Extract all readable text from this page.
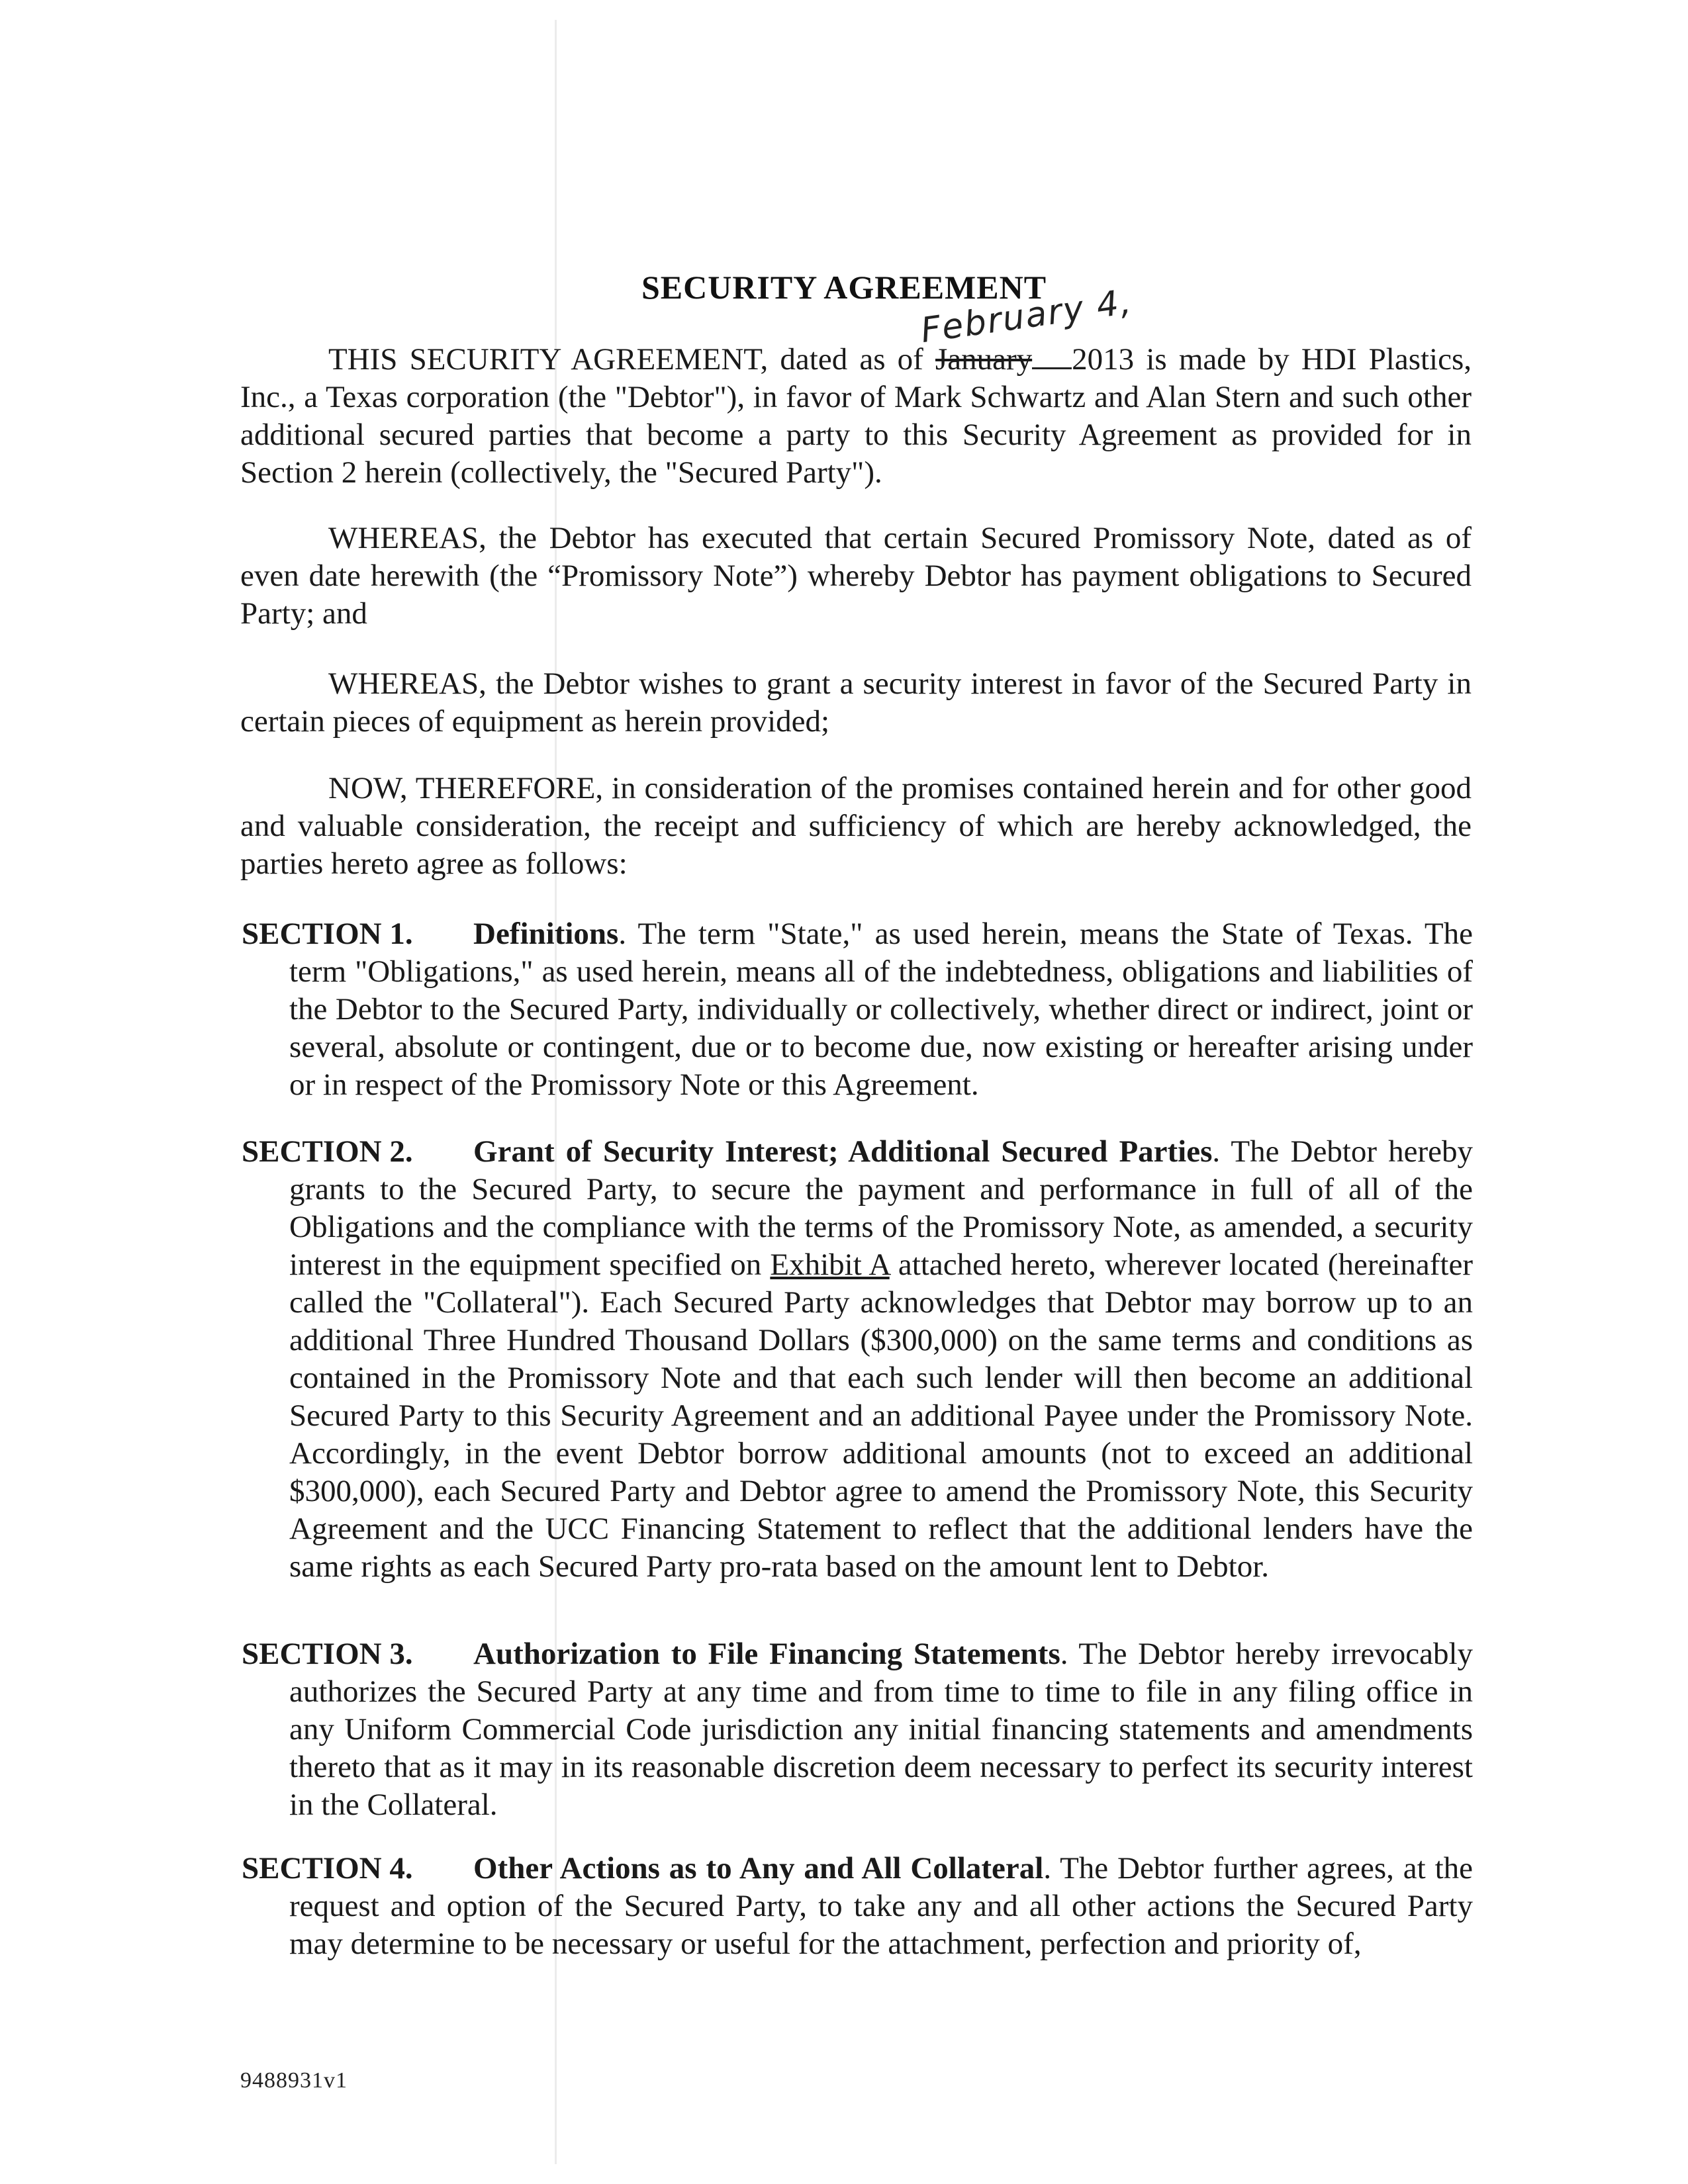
SECURITY AGREEMENT
February 4,
THIS SECURITY AGREEMENT, dated as of January 2013 is made by HDI Plastics, Inc., a Texas corporation (the "Debtor"), in favor of Mark Schwartz and Alan Stern and such other additional secured parties that become a party to this Security Agreement as provided for in Section 2 herein (collectively, the "Secured Party").
WHEREAS, the Debtor has executed that certain Secured Promissory Note, dated as of even date herewith (the “Promissory Note”) whereby Debtor has payment obligations to Secured Party; and
WHEREAS, the Debtor wishes to grant a security interest in favor of the Secured Party in certain pieces of equipment as herein provided;
NOW, THEREFORE, in consideration of the promises contained herein and for other good and valuable consideration, the receipt and sufficiency of which are hereby acknowledged, the parties hereto agree as follows:
SECTION 1. Definitions. The term "State," as used herein, means the State of Texas. The term "Obligations," as used herein, means all of the indebtedness, obligations and liabilities of the Debtor to the Secured Party, individually or collectively, whether direct or indirect, joint or several, absolute or contingent, due or to become due, now existing or hereafter arising under or in respect of the Promissory Note or this Agreement.
SECTION 2. Grant of Security Interest; Additional Secured Parties. The Debtor hereby grants to the Secured Party, to secure the payment and performance in full of all of the Obligations and the compliance with the terms of the Promissory Note, as amended, a security interest in the equipment specified on Exhibit A attached hereto, wherever located (hereinafter called the "Collateral"). Each Secured Party acknowledges that Debtor may borrow up to an additional Three Hundred Thousand Dollars ($300,000) on the same terms and conditions as contained in the Promissory Note and that each such lender will then become an additional Secured Party to this Security Agreement and an additional Payee under the Promissory Note. Accordingly, in the event Debtor borrow additional amounts (not to exceed an additional $300,000), each Secured Party and Debtor agree to amend the Promissory Note, this Security Agreement and the UCC Financing Statement to reflect that the additional lenders have the same rights as each Secured Party pro-rata based on the amount lent to Debtor.
SECTION 3. Authorization to File Financing Statements. The Debtor hereby irrevocably authorizes the Secured Party at any time and from time to time to file in any filing office in any Uniform Commercial Code jurisdiction any initial financing statements and amendments thereto that as it may in its reasonable discretion deem necessary to perfect its security interest in the Collateral.
SECTION 4. Other Actions as to Any and All Collateral. The Debtor further agrees, at the request and option of the Secured Party, to take any and all other actions the Secured Party may determine to be necessary or useful for the attachment, perfection and priority of,
9488931v1
